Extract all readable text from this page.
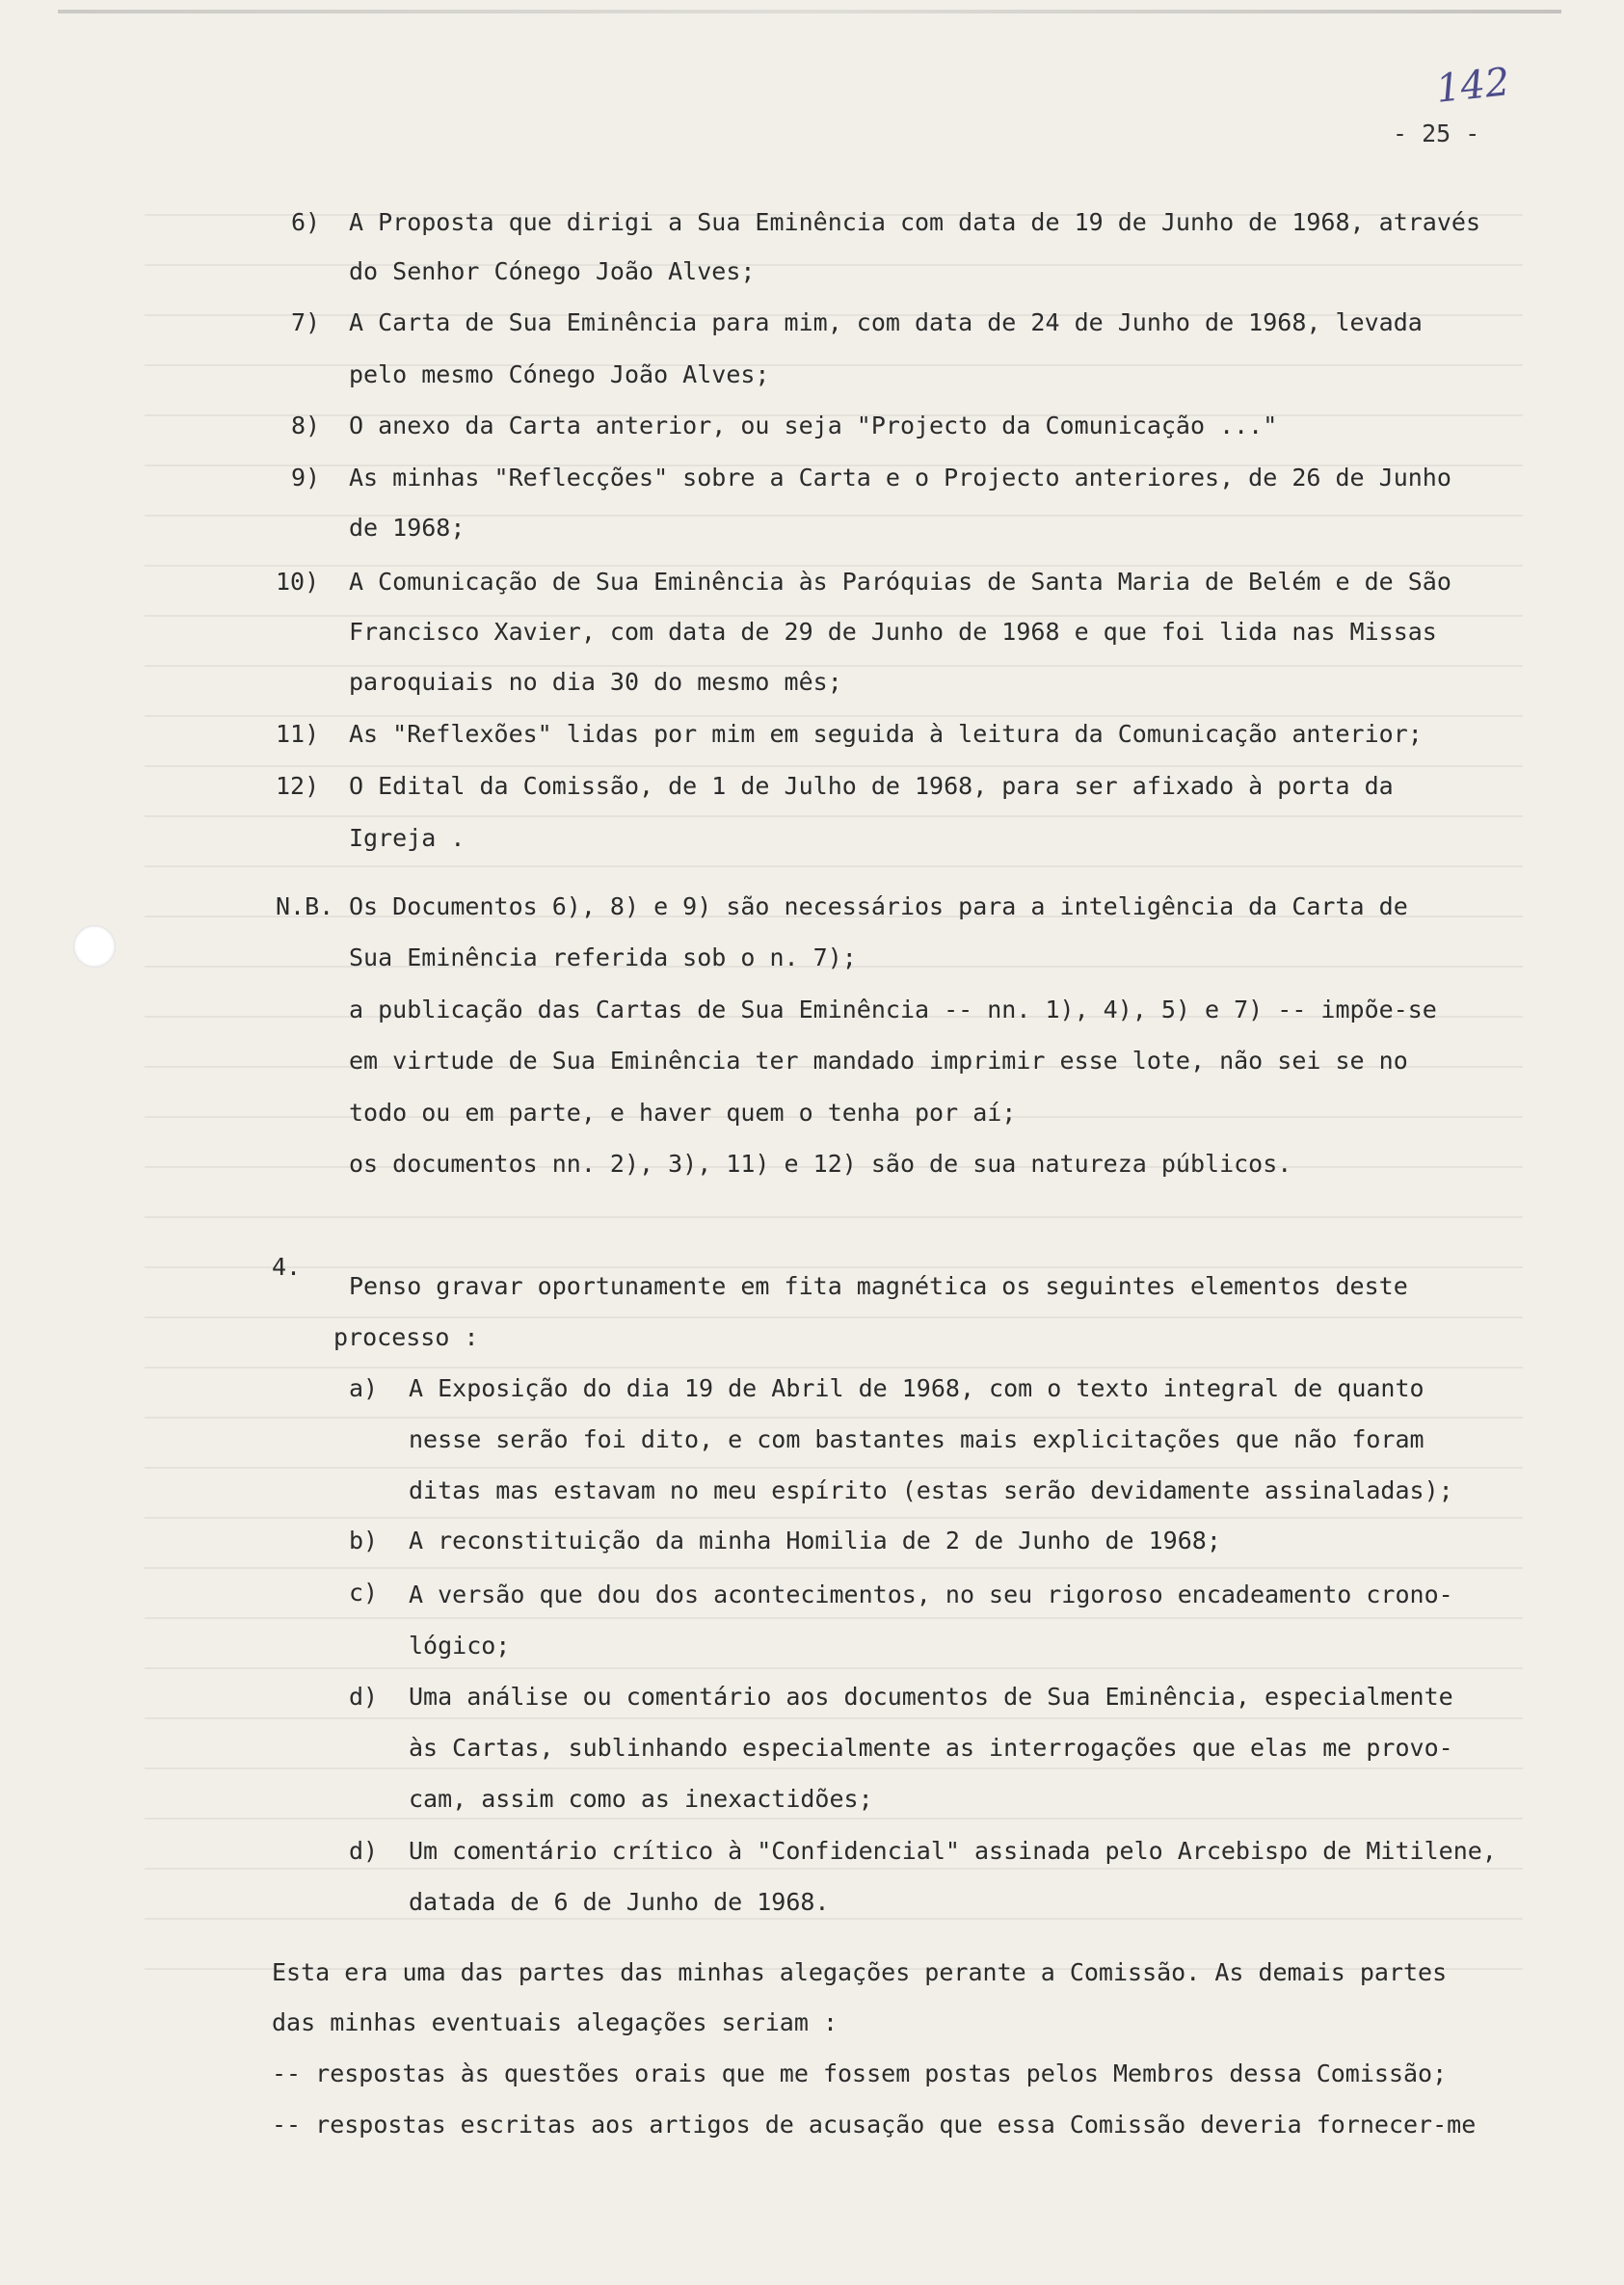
142
- 25 -
6) A Proposta que dirigi a Sua Eminência com data de 19 de Junho de 1968, através
do Senhor Cónego João Alves;
7) A Carta de Sua Eminência para mim, com data de 24 de Junho de 1968, levada
pelo mesmo Cónego João Alves;
8) O anexo da Carta anterior, ou seja "Projecto da Comunicação ..."
9) As minhas "Reflecções" sobre a Carta e o Projecto anteriores, de 26 de Junho
de 1968;
10) A Comunicação de Sua Eminência às Paróquias de Santa Maria de Belém e de São
Francisco Xavier, com data de 29 de Junho de 1968 e que foi lida nas Missas
paroquiais no dia 30 do mesmo mês;
11) As "Reflexões" lidas por mim em seguida à leitura da Comunicação anterior;
12) O Edital da Comissão, de 1 de Julho de 1968, para ser afixado à porta da
Igreja .
N.B. Os Documentos 6), 8) e 9) são necessários para a inteligência da Carta de
Sua Eminência referida sob o n. 7);
a publicação das Cartas de Sua Eminência -- nn. 1), 4), 5) e 7) -- impõe-se
em virtude de Sua Eminência ter mandado imprimir esse lote, não sei se no
todo ou em parte, e haver quem o tenha por aí;
os documentos nn. 2), 3), 11) e 12) são de sua natureza públicos.
4.
Penso gravar oportunamente em fita magnética os seguintes elementos deste
processo :
a) A Exposição do dia 19 de Abril de 1968, com o texto integral de quanto
nesse serão foi dito, e com bastantes mais explicitações que não foram
ditas mas estavam no meu espírito (estas serão devidamente assinaladas);
b) A reconstituição da minha Homilia de 2 de Junho de 1968;
c) A versão que dou dos acontecimentos, no seu rigoroso encadeamento crono-
lógico;
d) Uma análise ou comentário aos documentos de Sua Eminência, especialmente
às Cartas, sublinhando especialmente as interrogações que elas me provo-
cam, assim como as inexactidões;
d) Um comentário crítico à "Confidencial" assinada pelo Arcebispo de Mitilene,
datada de 6 de Junho de 1968.
Esta era uma das partes das minhas alegações perante a Comissão. As demais partes
das minhas eventuais alegações seriam :
-- respostas às questões orais que me fossem postas pelos Membros dessa Comissão;
-- respostas escritas aos artigos de acusação que essa Comissão deveria fornecer-me
